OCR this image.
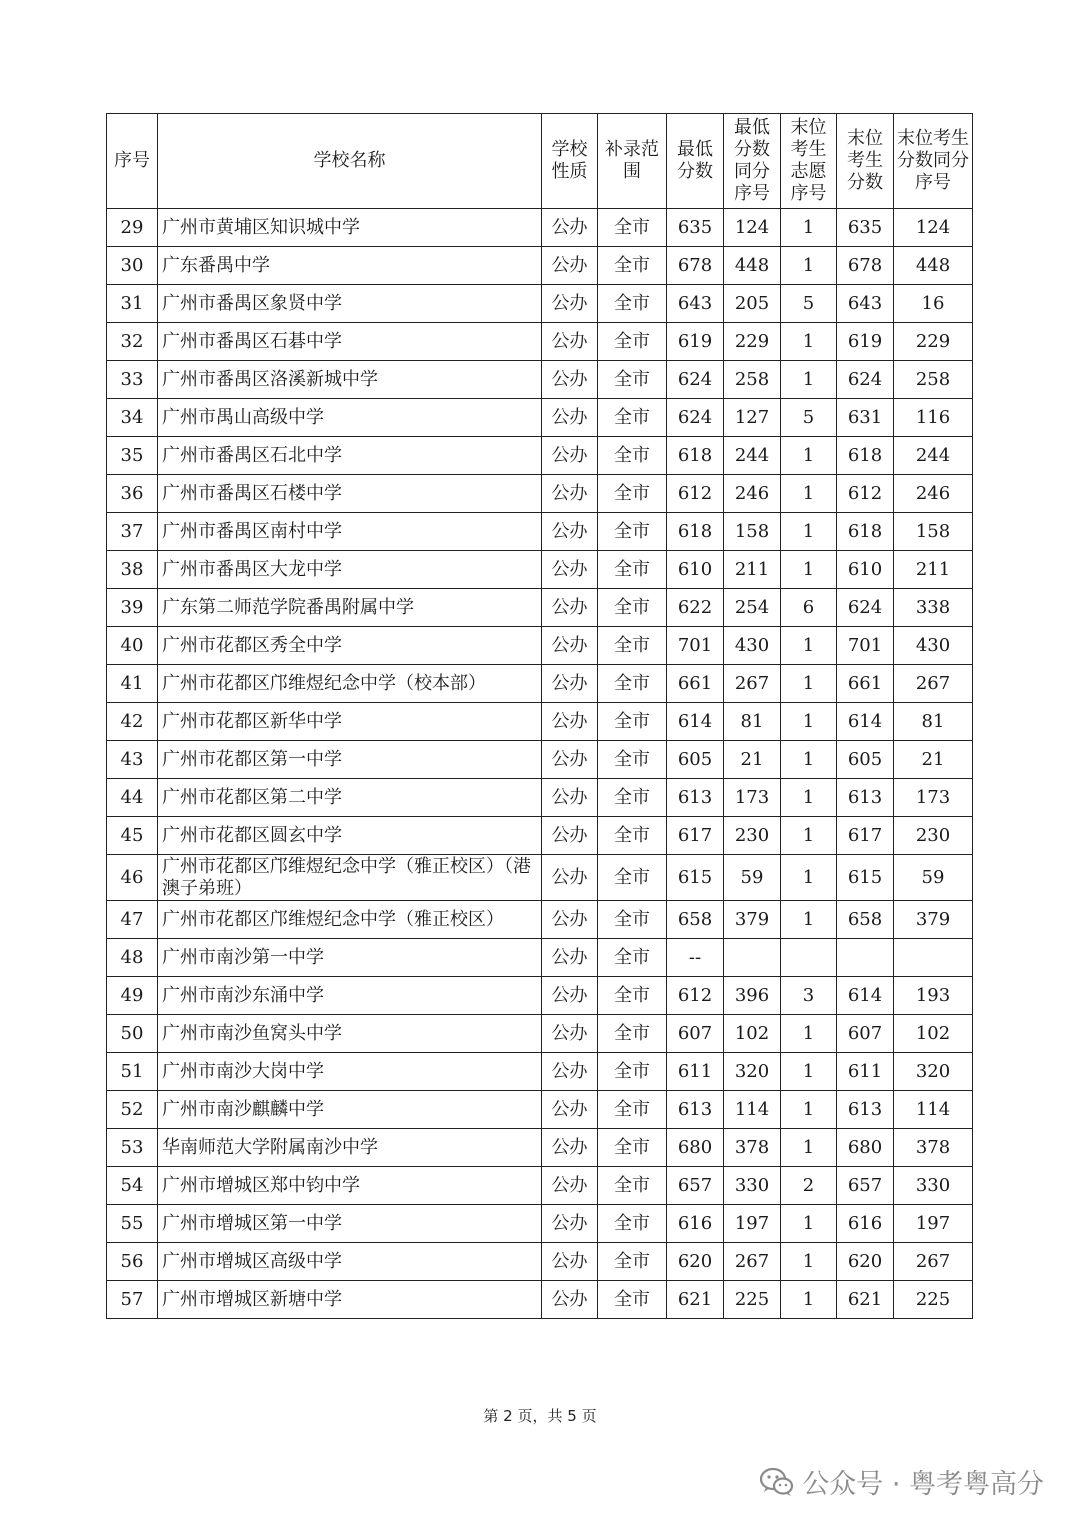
序号	学校名称	学校性质	补录范围	最低分数	最低分数同分序号	末位考生志愿序号	末位考生分数	末位考生分数同分序号
29	广州市黄埔区知识城中学	公办	全市	635	124	1	635	124
30	广东番禺中学	公办	全市	678	448	1	678	448
31	广州市番禺区象贤中学	公办	全市	643	205	5	643	16
32	广州市番禺区石碁中学	公办	全市	619	229	1	619	229
33	广州市番禺区洛溪新城中学	公办	全市	624	258	1	624	258
34	广州市禺山高级中学	公办	全市	624	127	5	631	116
35	广州市番禺区石北中学	公办	全市	618	244	1	618	244
36	广州市番禺区石楼中学	公办	全市	612	246	1	612	246
37	广州市番禺区南村中学	公办	全市	618	158	1	618	158
38	广州市番禺区大龙中学	公办	全市	610	211	1	610	211
39	广东第二师范学院番禺附属中学	公办	全市	622	254	6	624	338
40	广州市花都区秀全中学	公办	全市	701	430	1	701	430
41	广州市花都区邝维煜纪念中学（校本部）	公办	全市	661	267	1	661	267
42	广州市花都区新华中学	公办	全市	614	81	1	614	81
43	广州市花都区第一中学	公办	全市	605	21	1	605	21
44	广州市花都区第二中学	公办	全市	613	173	1	613	173
45	广州市花都区圆玄中学	公办	全市	617	230	1	617	230
46	广州市花都区邝维煜纪念中学（雅正校区）（港澳子弟班）	公办	全市	615	59	1	615	59
47	广州市花都区邝维煜纪念中学（雅正校区）	公办	全市	658	379	1	658	379
48	广州市南沙第一中学	公办	全市	--				
49	广州市南沙东涌中学	公办	全市	612	396	3	614	193
50	广州市南沙鱼窝头中学	公办	全市	607	102	1	607	102
51	广州市南沙大岗中学	公办	全市	611	320	1	611	320
52	广州市南沙麒麟中学	公办	全市	613	114	1	613	114
53	华南师范大学附属南沙中学	公办	全市	680	378	1	680	378
54	广州市增城区郑中钧中学	公办	全市	657	330	2	657	330
55	广州市增城区第一中学	公办	全市	616	197	1	616	197
56	广州市增城区高级中学	公办	全市	620	267	1	620	267
57	广州市增城区新塘中学	公办	全市	621	225	1	621	225
第 2 页，共 5 页
公众号 · 粤考粤高分
